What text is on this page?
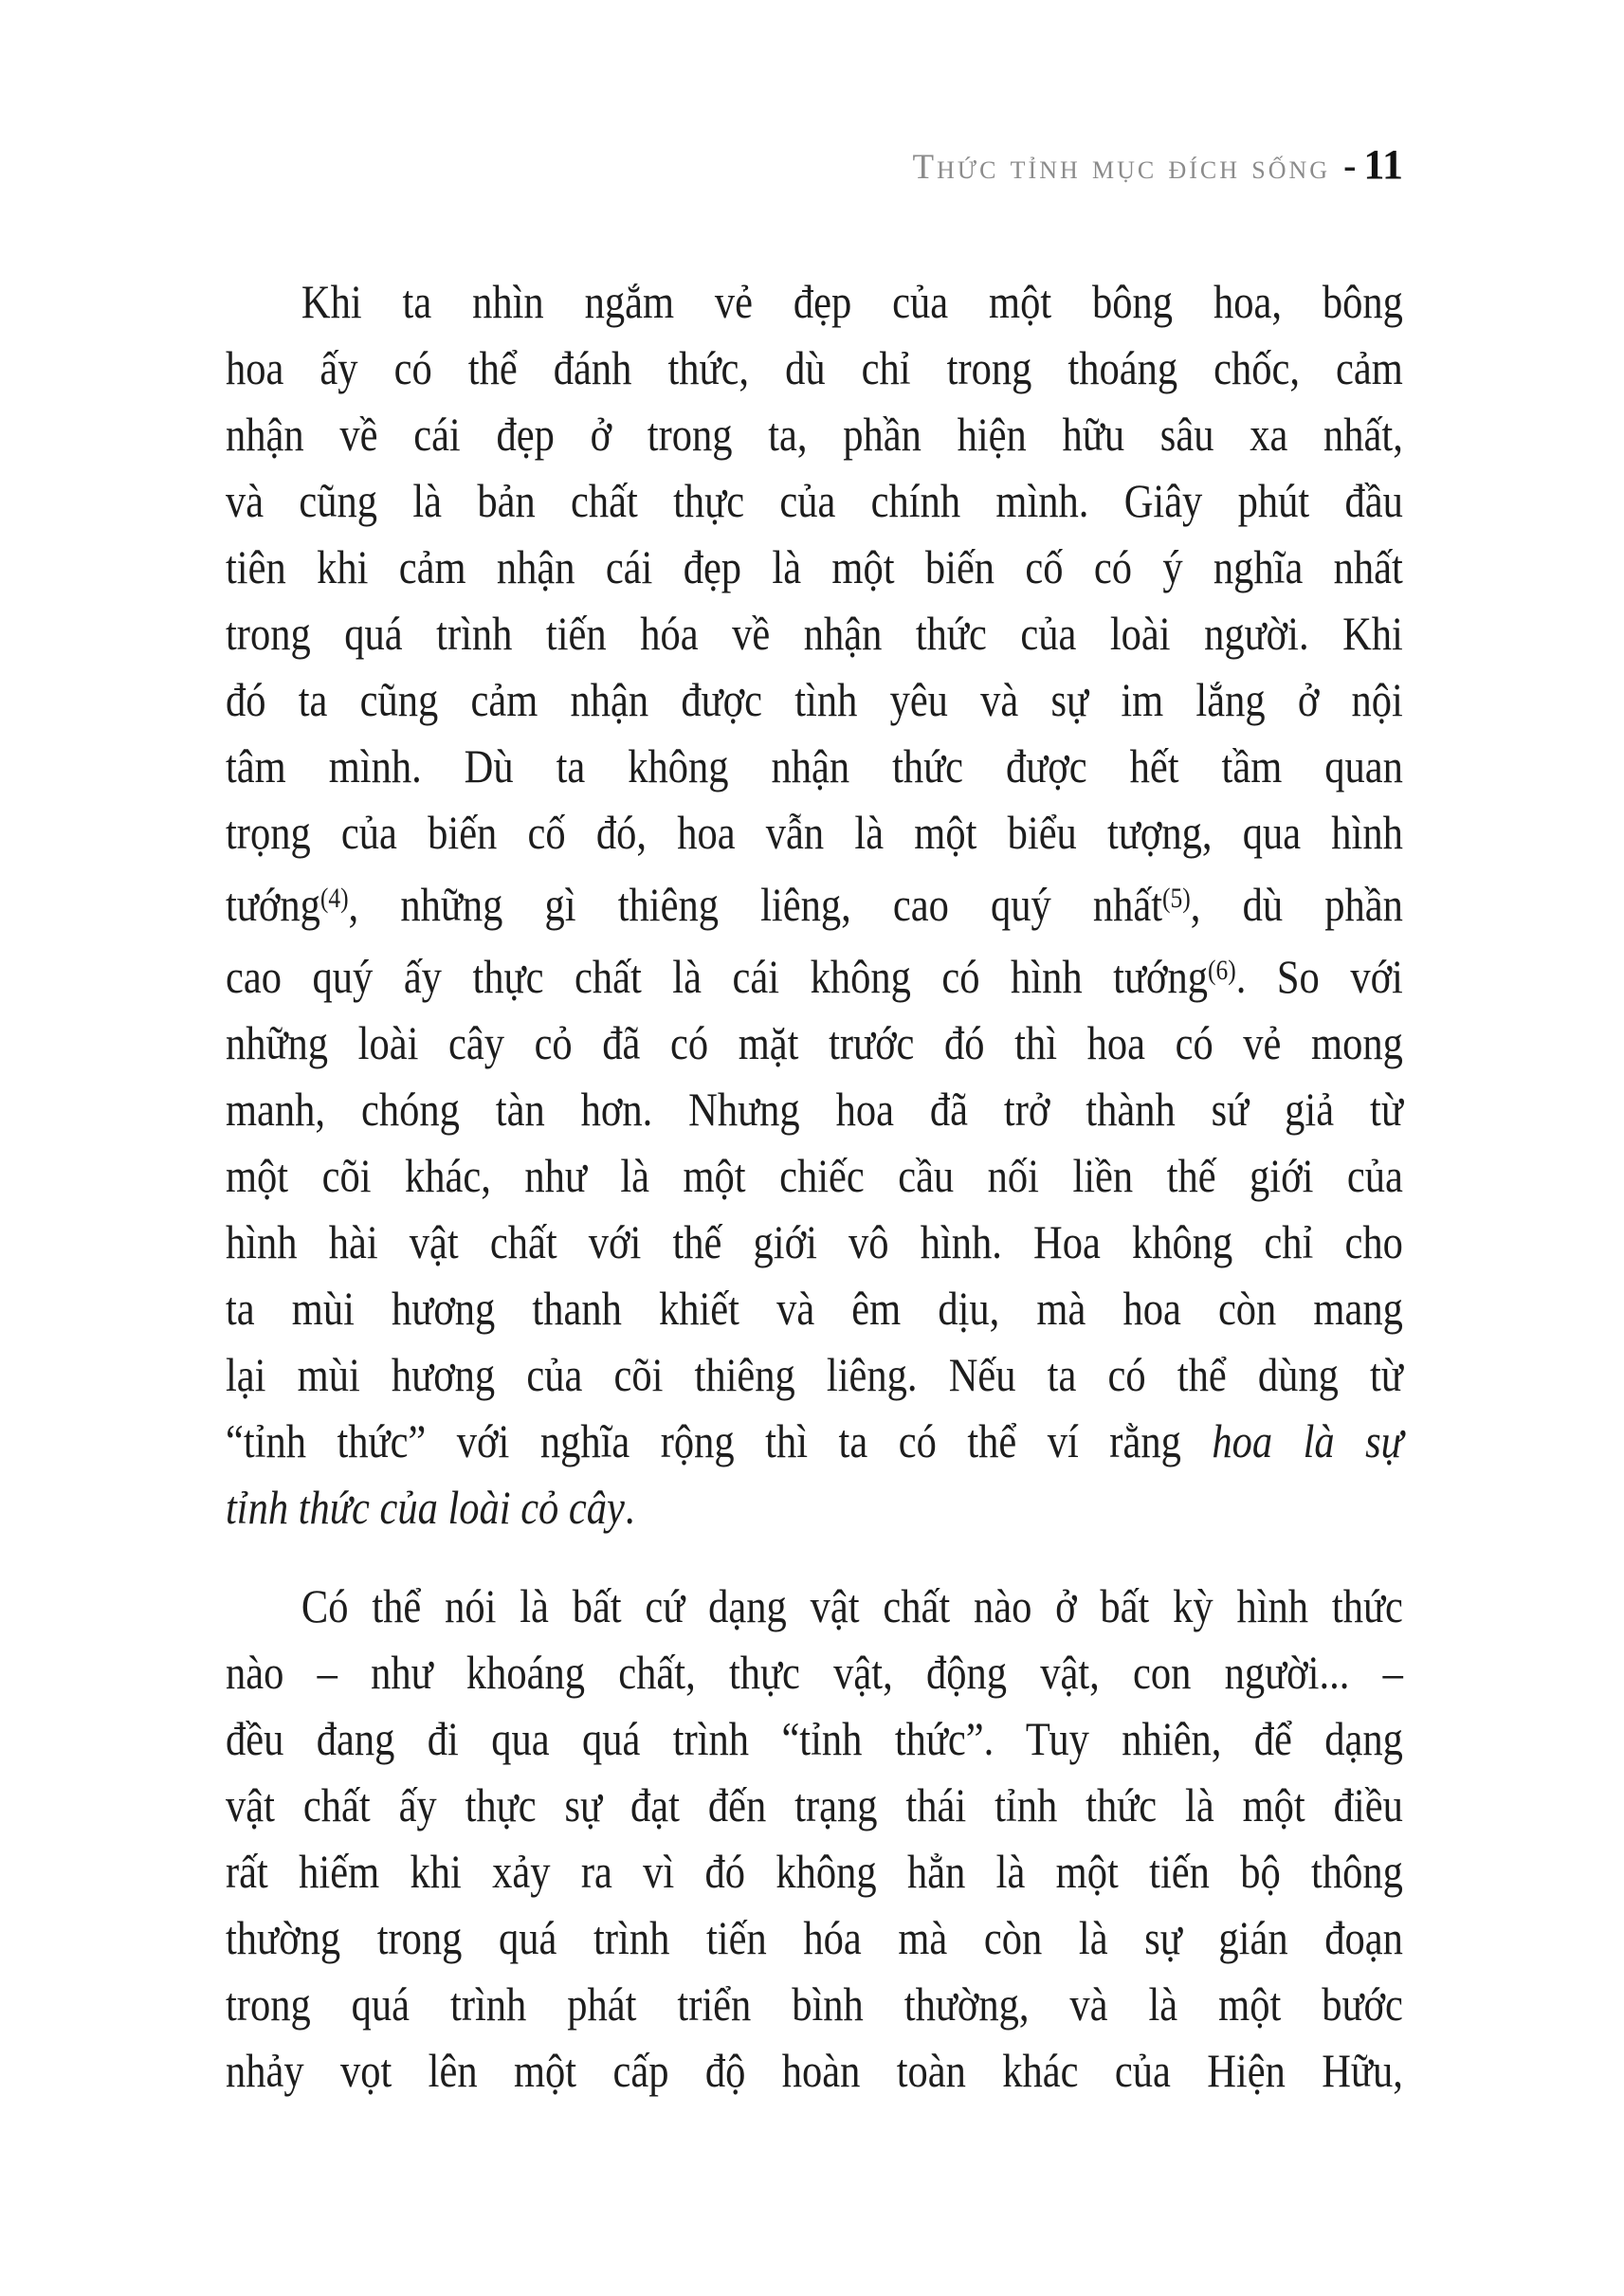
Thức tỉnh mục đích sống - 11
Khi ta nhìn ngắm vẻ đẹp của một bông hoa, bông
hoa ấy có thể đánh thức, dù chỉ trong thoáng chốc, cảm
nhận về cái đẹp ở trong ta, phần hiện hữu sâu xa nhất,
và cũng là bản chất thực của chính mình. Giây phút đầu
tiên khi cảm nhận cái đẹp là một biến cố có ý nghĩa nhất
trong quá trình tiến hóa về nhận thức của loài người. Khi
đó ta cũng cảm nhận được tình yêu và sự im lắng ở nội
tâm mình. Dù ta không nhận thức được hết tầm quan
trọng của biến cố đó, hoa vẫn là một biểu tượng, qua hình
tướng$^{(4)}$, những gì thiêng liêng, cao quý nhất$^{(5)}$, dù phần
cao quý ấy thực chất là cái không có hình tướng$^{(6)}$. So với
những loài cây cỏ đã có mặt trước đó thì hoa có vẻ mong
manh, chóng tàn hơn. Nhưng hoa đã trở thành sứ giả từ
một cõi khác, như là một chiếc cầu nối liền thế giới của
hình hài vật chất với thế giới vô hình. Hoa không chỉ cho
ta mùi hương thanh khiết và êm dịu, mà hoa còn mang
lại mùi hương của cõi thiêng liêng. Nếu ta có thể dùng từ
“tỉnh thức” với nghĩa rộng thì ta có thể ví rằng hoa là sự
tỉnh thức của loài cỏ cây.
Có thể nói là bất cứ dạng vật chất nào ở bất kỳ hình thức
nào – như khoáng chất, thực vật, động vật, con người... –
đều đang đi qua quá trình “tỉnh thức”. Tuy nhiên, để dạng
vật chất ấy thực sự đạt đến trạng thái tỉnh thức là một điều
rất hiếm khi xảy ra vì đó không hẳn là một tiến bộ thông
thường trong quá trình tiến hóa mà còn là sự gián đoạn
trong quá trình phát triển bình thường, và là một bước
nhảy vọt lên một cấp độ hoàn toàn khác của Hiện Hữu,
